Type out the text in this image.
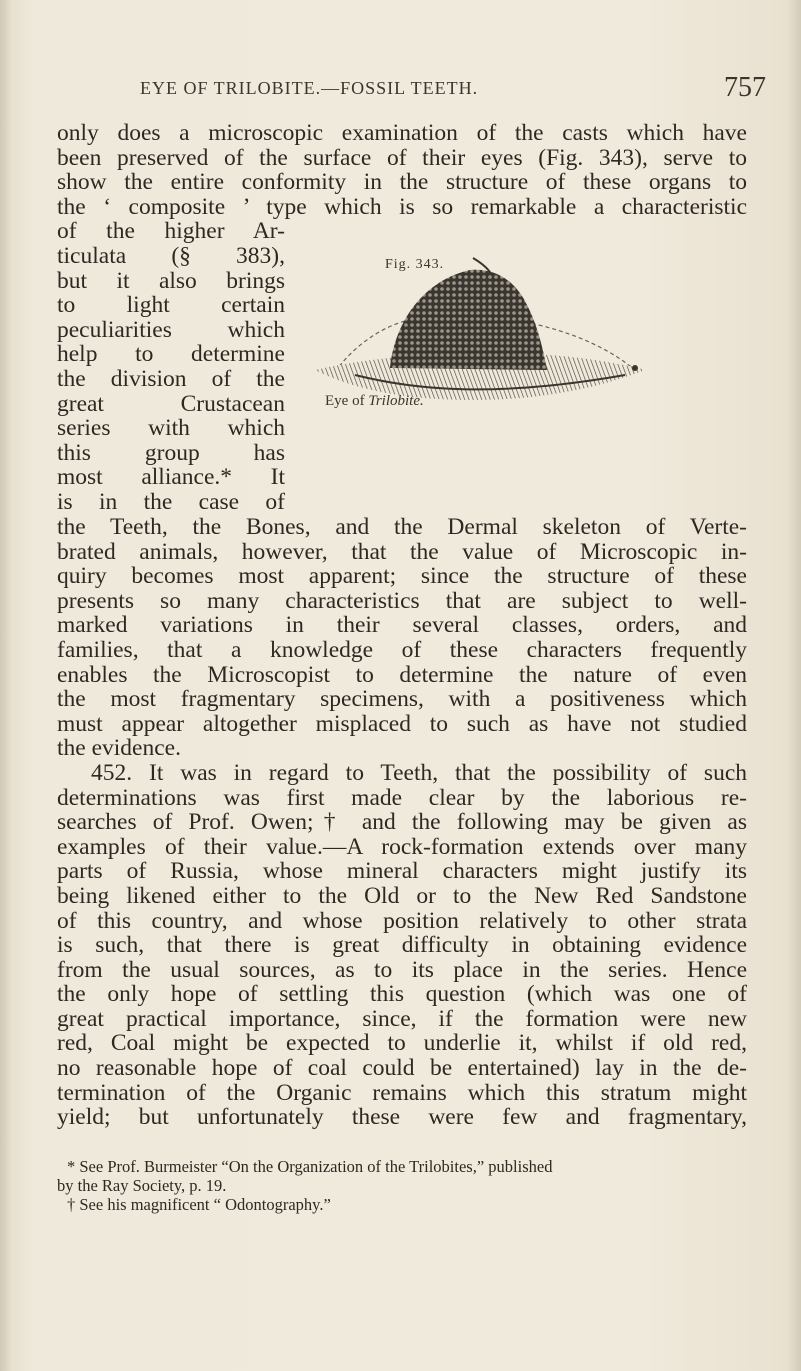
EYE OF TRILOBITE.—FOSSIL TEETH.	757
only does a microscopic examination of the casts which have
been preserved of the surface of their eyes (Fig. 343), serve to
show the entire conformity in the structure of these organs to
the ‘ composite ’ type which is so remarkable a characteristic
of the higher Ar-
ticulata (§ 383),
but it also brings
to light certain
peculiarities which
help to determine
the division of the
great Crustacean
series with which
this group has
most alliance.* It
is in the case of
Fig. 343.
Eye of Trilobite.
the Teeth, the Bones, and the Dermal skeleton of Verte-
brated animals, however, that the value of Microscopic in-
quiry becomes most apparent; since the structure of these
presents so many characteristics that are subject to well-
marked variations in their several classes, orders, and
families, that a knowledge of these characters frequently
enables the Microscopist to determine the nature of even
the most fragmentary specimens, with a positiveness which
must appear altogether misplaced to such as have not studied
the evidence.
452. It was in regard to Teeth, that the possibility of such
determinations was first made clear by the laborious re-
searches of Prof. Owen;† and the following may be given as
examples of their value.—A rock-formation extends over many
parts of Russia, whose mineral characters might justify its
being likened either to the Old or to the New Red Sandstone
of this country, and whose position relatively to other strata
is such, that there is great difficulty in obtaining evidence
from the usual sources, as to its place in the series. Hence
the only hope of settling this question (which was one of
great practical importance, since, if the formation were new
red, Coal might be expected to underlie it, whilst if old red,
no reasonable hope of coal could be entertained) lay in the de-
termination of the Organic remains which this stratum might
yield; but unfortunately these were few and fragmentary,
* See Prof. Burmeister “On the Organization of the Trilobites,” published
by the Ray Society, p. 19.
† See his magnificent “ Odontography.”
